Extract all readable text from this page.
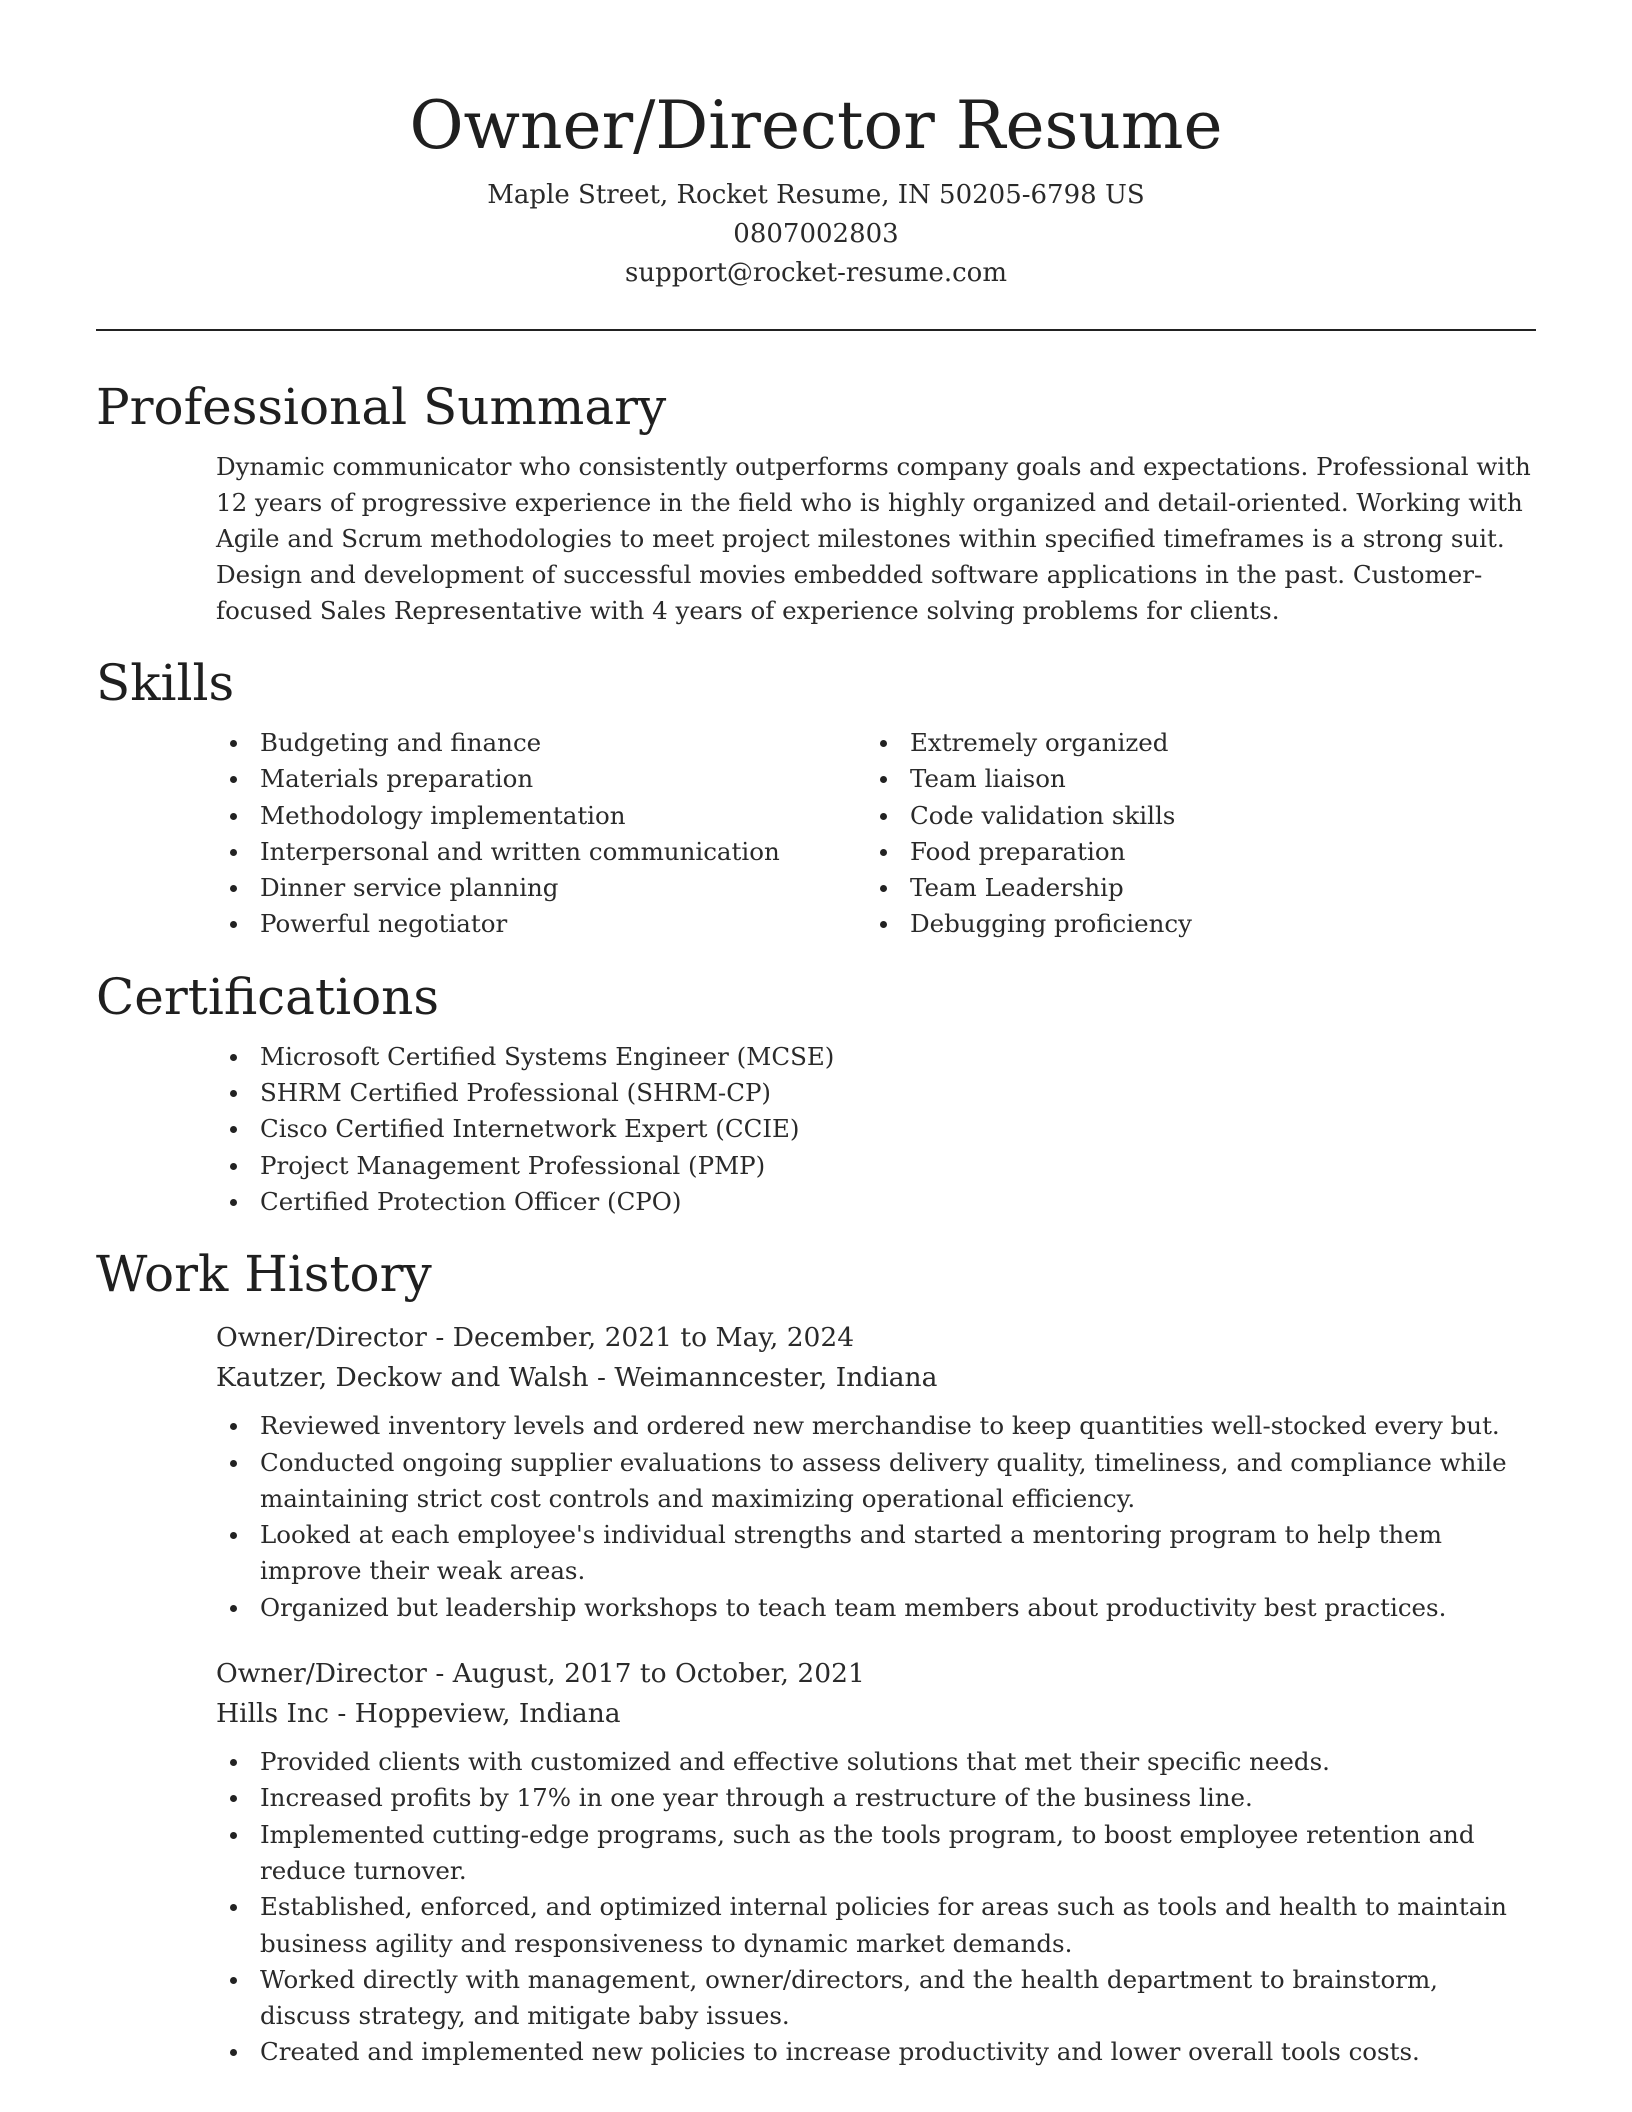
Owner/Director Resume

Maple Street, Rocket Resume, IN 50205-6798 US

0807002803

support@rocket-resume.com

Professional Summary

Dynamic communicator who consistently outperforms company goals and expectations. Professional with 12 years of progressive experience in the field who is highly organized and detail-oriented. Working with Agile and Scrum methodologies to meet project milestones within specified timeframes is a strong suit. Design and development of successful movies embedded software applications in the past. Customer-focused Sales Representative with 4 years of experience solving problems for clients.

Skills
Budgeting and finance
Materials preparation
Methodology implementation
Interpersonal and written communication
Dinner service planning
Powerful negotiator
Extremely organized
Team liaison
Code validation skills
Food preparation
Team Leadership
Debugging proficiency
Certifications
Microsoft Certified Systems Engineer (MCSE)
SHRM Certified Professional (SHRM-CP)
Cisco Certified Internetwork Expert (CCIE)
Project Management Professional (PMP)
Certified Protection Officer (CPO)
Work History

Owner/Director - December, 2021 to May, 2024

Kautzer, Deckow and Walsh - Weimanncester, Indiana

Reviewed inventory levels and ordered new merchandise to keep quantities well-stocked every but.
Conducted ongoing supplier evaluations to assess delivery quality, timeliness, and compliance while maintaining strict cost controls and maximizing operational efficiency.
Looked at each employee's individual strengths and started a mentoring program to help them improve their weak areas.
Organized but leadership workshops to teach team members about productivity best practices.

Owner/Director - August, 2017 to October, 2021

Hills Inc - Hoppeview, Indiana

Provided clients with customized and effective solutions that met their specific needs.
Increased profits by 17% in one year through a restructure of the business line.
Implemented cutting-edge programs, such as the tools program, to boost employee retention and reduce turnover.
Established, enforced, and optimized internal policies for areas such as tools and health to maintain business agility and responsiveness to dynamic market demands.
Worked directly with management, owner/directors, and the health department to brainstorm, discuss strategy, and mitigate baby issues.
Created and implemented new policies to increase productivity and lower overall tools costs.
